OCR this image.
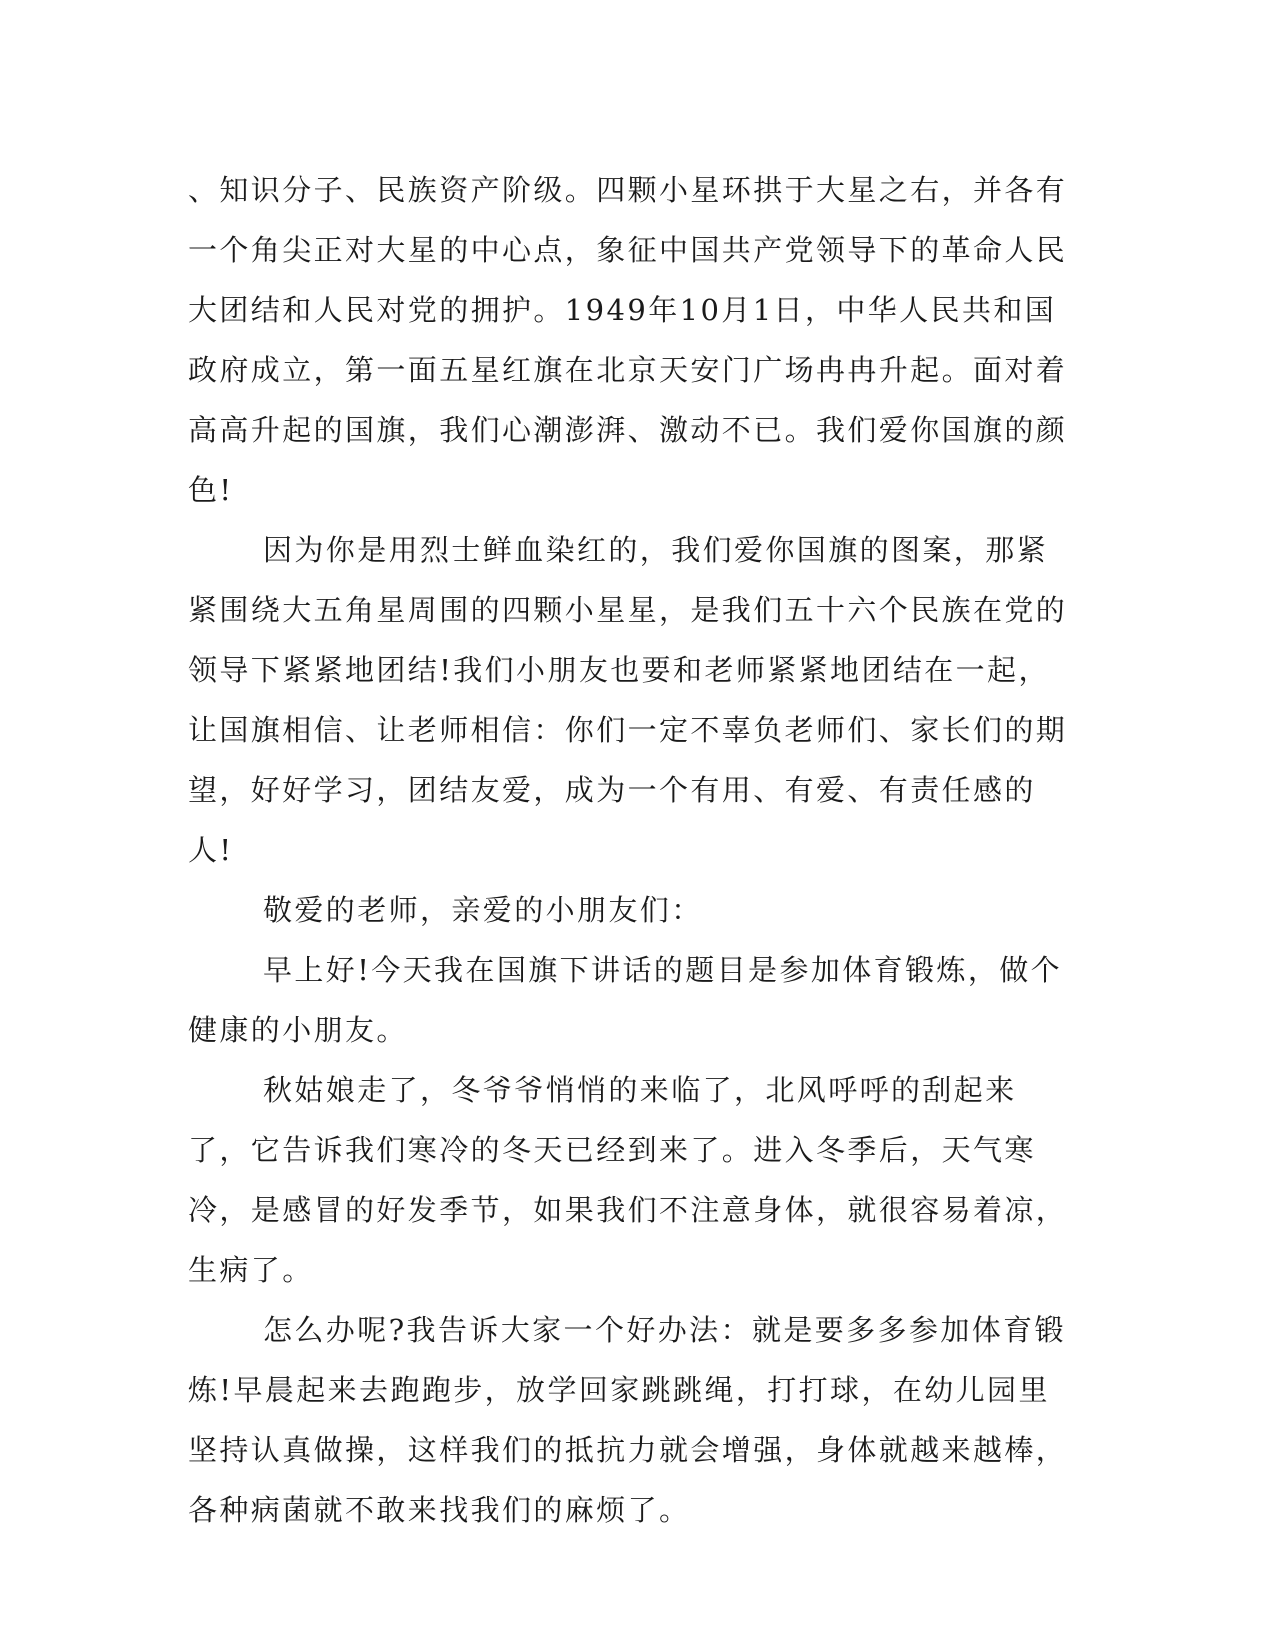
、知识分子、民族资产阶级。四颗小星环拱于大星之右，并各有一个角尖正对大星的中心点，象征中国共产党领导下的革命人民大团结和人民对党的拥护。1949年10月1日，中华人民共和国政府成立，第一面五星红旗在北京天安门广场冉冉升起。面对着高高升起的国旗，我们心潮澎湃、激动不已。我们爱你国旗的颜色!

因为你是用烈士鲜血染红的，我们爱你国旗的图案，那紧紧围绕大五角星周围的四颗小星星，是我们五十六个民族在党的领导下紧紧地团结!我们小朋友也要和老师紧紧地团结在一起，让国旗相信、让老师相信：你们一定不辜负老师们、家长们的期望，好好学习，团结友爱，成为一个有用、有爱、有责任感的人!

敬爱的老师，亲爱的小朋友们：

早上好!今天我在国旗下讲话的题目是参加体育锻炼，做个健康的小朋友。

秋姑娘走了，冬爷爷悄悄的来临了，北风呼呼的刮起来了，它告诉我们寒冷的冬天已经到来了。进入冬季后，天气寒冷，是感冒的好发季节，如果我们不注意身体，就很容易着凉，生病了。

怎么办呢?我告诉大家一个好办法：就是要多多参加体育锻炼!早晨起来去跑跑步，放学回家跳跳绳，打打球，在幼儿园里坚持认真做操，这样我们的抵抗力就会增强，身体就越来越棒，各种病菌就不敢来找我们的麻烦了。
